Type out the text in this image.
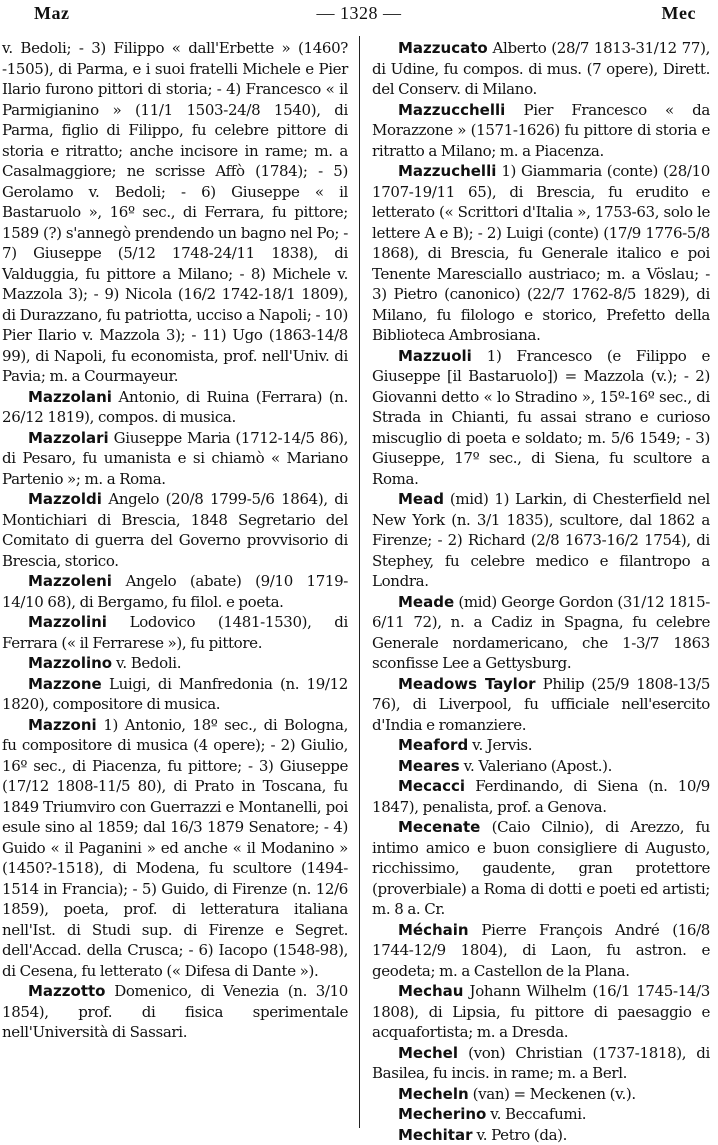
Maz	— 1328 —	Mec

v. Bedoli; - 3) Filippo « dall'Erbette » (1460?-1505), di Parma, e i suoi fratelli Michele e Pier Ilario furono pittori di storia; - 4) Francesco « il Parmigianino » (11/1 1503-24/8 1540), di Parma, figlio di Filippo, fu celebre pittore di storia e ritratto; anche incisore in rame; m. a Casalmaggiore; ne scrisse Affò (1784); - 5) Gerolamo v. Bedoli; - 6) Giuseppe « il Bastaruolo », 16º sec., di Ferrara, fu pittore; 1589 (?) s'annegò prendendo un bagno nel Po; - 7) Giuseppe (5/12 1748-24/11 1838), di Valduggia, fu pittore a Milano; - 8) Michele v. Mazzola 3); - 9) Nicola (16/2 1742-18/1 1809), di Durazzano, fu patriotta, ucciso a Napoli; - 10) Pier Ilario v. Mazzola 3); - 11) Ugo (1863-14/8 99), di Napoli, fu economista, prof. nell'Univ. di Pavia; m. a Courmayeur.

Mazzolani Antonio, di Ruina (Ferrara) (n. 26/12 1819), compos. di musica.

Mazzolari Giuseppe Maria (1712-14/5 86), di Pesaro, fu umanista e si chiamò « Mariano Partenio »; m. a Roma.

Mazzoldi Angelo (20/8 1799-5/6 1864), di Montichiari di Brescia, 1848 Segretario del Comitato di guerra del Governo provvisorio di Brescia, storico.

Mazzoleni Angelo (abate) (9/10 1719-14/10 68), di Bergamo, fu filol. e poeta.

Mazzolini Lodovico (1481-1530), di Ferrara (« il Ferrarese »), fu pittore.

Mazzolino v. Bedoli.

Mazzone Luigi, di Manfredonia (n. 19/12 1820), compositore di musica.

Mazzoni 1) Antonio, 18º sec., di Bologna, fu compositore di musica (4 opere); - 2) Giulio, 16º sec., di Piacenza, fu pittore; - 3) Giuseppe (17/12 1808-11/5 80), di Prato in Toscana, fu 1849 Triumviro con Guerrazzi e Montanelli, poi esule sino al 1859; dal 16/3 1879 Senatore; - 4) Guido « il Paganini » ed anche « il Modanino » (1450?-1518), di Modena, fu scultore (1494-1514 in Francia); - 5) Guido, di Firenze (n. 12/6 1859), poeta, prof. di letteratura italiana nell'Ist. di Studi sup. di Firenze e Segret. dell'Accad. della Crusca; - 6) Iacopo (1548-98), di Cesena, fu letterato (« Difesa di Dante »).

Mazzotto Domenico, di Venezia (n. 3/10 1854), prof. di fisica sperimentale nell'Università di Sassari.

Mazzucato Alberto (28/7 1813-31/12 77), di Udine, fu compos. di mus. (7 opere), Dirett. del Conserv. di Milano.

Mazzucchelli Pier Francesco « da Morazzone » (1571-1626) fu pittore di storia e ritratto a Milano; m. a Piacenza.

Mazzuchelli 1) Giammaria (conte) (28/10 1707-19/11 65), di Brescia, fu erudito e letterato (« Scrittori d'Italia », 1753-63, solo le lettere A e B); - 2) Luigi (conte) (17/9 1776-5/8 1868), di Brescia, fu Generale italico e poi Tenente Maresciallo austriaco; m. a Vöslau; - 3) Pietro (canonico) (22/7 1762-8/5 1829), di Milano, fu filologo e storico, Prefetto della Biblioteca Ambrosiana.

Mazzuoli 1) Francesco (e Filippo e Giuseppe [il Bastaruolo]) = Mazzola (v.); - 2) Giovanni detto « lo Stradino », 15º-16º sec., di Strada in Chianti, fu assai strano e curioso miscuglio di poeta e soldato; m. 5/6 1549; - 3) Giuseppe, 17º sec., di Siena, fu scultore a Roma.

Mead (mid) 1) Larkin, di Chesterfield nel New York (n. 3/1 1835), scultore, dal 1862 a Firenze; - 2) Richard (2/8 1673-16/2 1754), di Stephey, fu celebre medico e filantropo a Londra.

Meade (mid) George Gordon (31/12 1815-6/11 72), n. a Cadiz in Spagna, fu celebre Generale nordamericano, che 1-3/7 1863 sconfisse Lee a Gettysburg.

Meadows Taylor Philip (25/9 1808-13/5 76), di Liverpool, fu ufficiale nell'esercito d'India e romanziere.

Meaford v. Jervis.

Meares v. Valeriano (Apost.).

Mecacci Ferdinando, di Siena (n. 10/9 1847), penalista, prof. a Genova.

Mecenate (Caio Cilnio), di Arezzo, fu intimo amico e buon consigliere di Augusto, ricchissimo, gaudente, gran protettore (proverbiale) a Roma di dotti e poeti ed artisti; m. 8 a. Cr.

Méchain Pierre François André (16/8 1744-12/9 1804), di Laon, fu astron. e geodeta; m. a Castellon de la Plana.

Mechau Johann Wilhelm (16/1 1745-14/3 1808), di Lipsia, fu pittore di paesaggio e acquafortista; m. a Dresda.

Mechel (von) Christian (1737-1818), di Basilea, fu incis. in rame; m. a Berl.

Mecheln (van) = Meckenen (v.).

Mecherino v. Beccafumi.

Mechitar v. Petro (da).
